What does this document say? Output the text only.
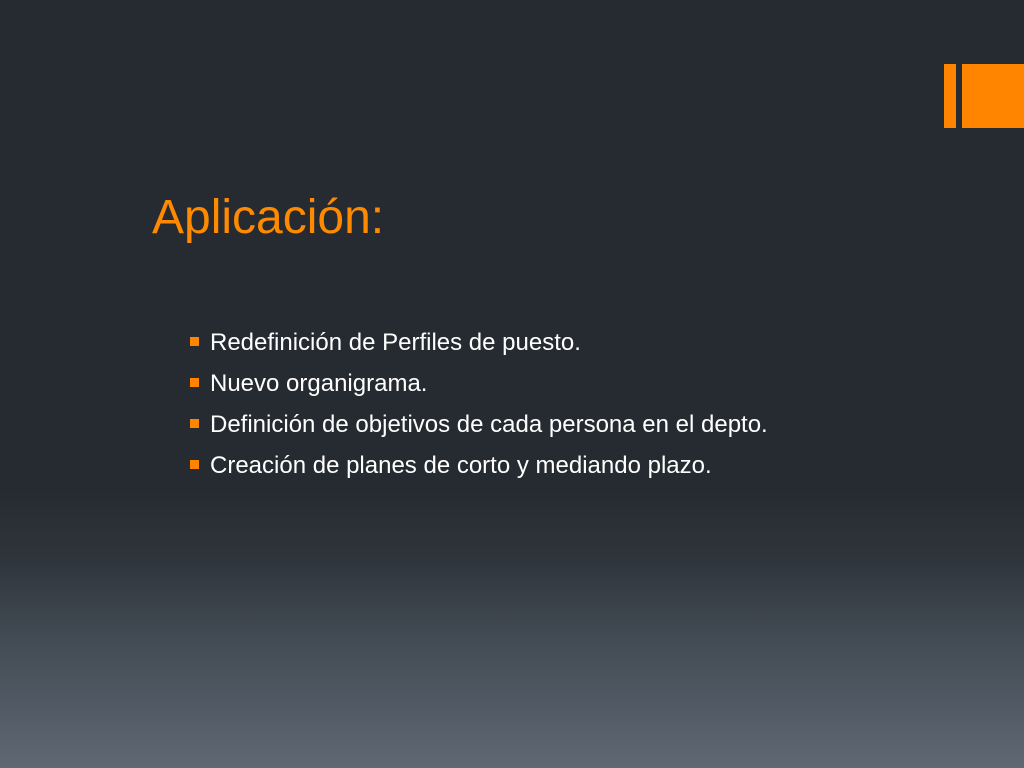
Aplicación:
Redefinición de Perfiles de puesto.
Nuevo organigrama.
Definición de objetivos de cada persona en el depto.
Creación de planes de corto y mediando plazo.
